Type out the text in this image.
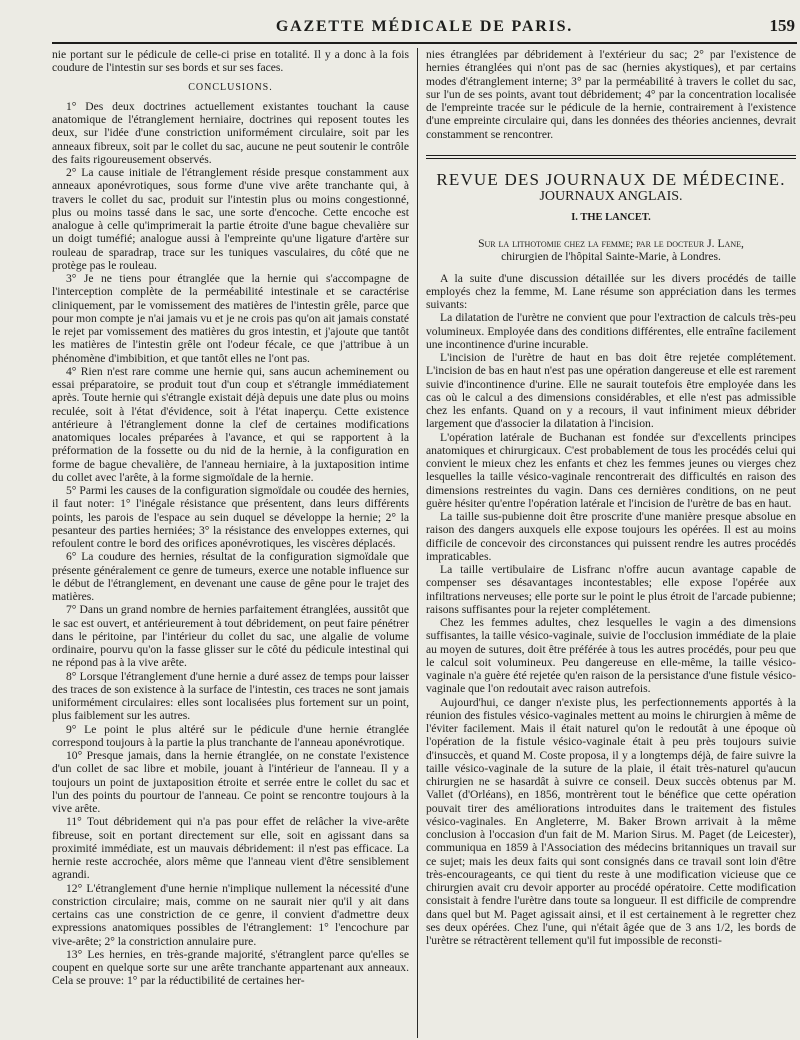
GAZETTE MÉDICALE DE PARIS.	159

nie portant sur le pédicule de celle-ci prise en totalité. Il y a donc à la fois coudure de l'intestin sur ses bords et sur ses faces.

CONCLUSIONS.

1° Des deux doctrines actuellement existantes touchant la cause anatomique de l'étranglement herniaire, doctrines qui reposent toutes les deux, sur l'idée d'une constriction uniformément circulaire, soit par les anneaux fibreux, soit par le collet du sac, aucune ne peut soutenir le contrôle des faits rigoureusement observés.

2° La cause initiale de l'étranglement réside presque constamment aux anneaux aponévrotiques, sous forme d'une vive arête tranchante qui, à travers le collet du sac, produit sur l'intestin plus ou moins congestionné, plus ou moins tassé dans le sac, une sorte d'encoche. Cette encoche est analogue à celle qu'imprimerait la partie étroite d'une bague chevalière sur un doigt tuméfié; analogue aussi à l'empreinte qu'une ligature d'artère sur rouleau de sparadrap, trace sur les tuniques vasculaires, du côté que ne protège pas le rouleau.

3° Je ne tiens pour étranglée que la hernie qui s'accompagne de l'interception complète de la perméabilité intestinale et se caractérise cliniquement, par le vomissement des matières de l'intestin grêle, parce que pour mon compte je n'ai jamais vu et je ne crois pas qu'on ait jamais constaté le rejet par vomissement des matières du gros intestin, et j'ajoute que tantôt les matières de l'intestin grêle ont l'odeur fécale, ce que j'attribue à un phénomène d'imbibition, et que tantôt elles ne l'ont pas.

4° Rien n'est rare comme une hernie qui, sans aucun acheminement ou essai préparatoire, se produit tout d'un coup et s'étrangle immédiatement après. Toute hernie qui s'étrangle existait déjà depuis une date plus ou moins reculée, soit à l'état d'évidence, soit à l'état inaperçu. Cette existence antérieure à l'étranglement donne la clef de certaines modifications anatomiques locales préparées à l'avance, et qui se rapportent à la préformation de la fossette ou du nid de la hernie, à la configuration en forme de bague chevalière, de l'anneau herniaire, à la juxtaposition intime du collet avec l'arête, à la forme sigmoïdale de la hernie.

5° Parmi les causes de la configuration sigmoïdale ou coudée des hernies, il faut noter: 1° l'inégale résistance que présentent, dans leurs différents points, les parois de l'espace au sein duquel se développe la hernie; 2° la pesanteur des parties herniées; 3° la résistance des enveloppes externes, qui refoulent contre le bord des orifices aponévrotiques, les viscères déplacés.

6° La coudure des hernies, résultat de la configuration sigmoïdale que présente généralement ce genre de tumeurs, exerce une notable influence sur le début de l'étranglement, en devenant une cause de gêne pour le trajet des matières.

7° Dans un grand nombre de hernies parfaitement étranglées, aussitôt que le sac est ouvert, et antérieurement à tout débridement, on peut faire pénétrer dans le péritoine, par l'intérieur du collet du sac, une algalie de volume ordinaire, pourvu qu'on la fasse glisser sur le côté du pédicule intestinal qui ne répond pas à la vive arête.

8° Lorsque l'étranglement d'une hernie a duré assez de temps pour laisser des traces de son existence à la surface de l'intestin, ces traces ne sont jamais uniformément circulaires: elles sont localisées plus fortement sur un point, plus faiblement sur les autres.

9° Le point le plus altéré sur le pédicule d'une hernie étranglée correspond toujours à la partie la plus tranchante de l'anneau aponévrotique.

10° Presque jamais, dans la hernie étranglée, on ne constate l'existence d'un collet de sac libre et mobile, jouant à l'intérieur de l'anneau. Il y a toujours un point de juxtaposition étroite et serrée entre le collet du sac et l'un des points du pourtour de l'anneau. Ce point se rencontre toujours à la vive arête.

11° Tout débridement qui n'a pas pour effet de relâcher la vive-arête fibreuse, soit en portant directement sur elle, soit en agissant dans sa proximité immédiate, est un mauvais débridement: il n'est pas efficace. La hernie reste accrochée, alors même que l'anneau vient d'être sensiblement agrandi.

12° L'étranglement d'une hernie n'implique nullement la nécessité d'une constriction circulaire; mais, comme on ne saurait nier qu'il y ait dans certains cas une constriction de ce genre, il convient d'admettre deux expressions anatomiques possibles de l'étranglement: 1° l'encochure par vive-arête; 2° la constriction annulaire pure.

13° Les hernies, en très-grande majorité, s'étranglent parce qu'elles se coupent en quelque sorte sur une arête tranchante appartenant aux anneaux. Cela se prouve: 1° par la réductibilité de certaines her-

nies étranglées par débridement à l'extérieur du sac; 2° par l'existence de hernies étranglées qui n'ont pas de sac (hernies akystiques), et par certains modes d'étranglement interne; 3° par la perméabilité à travers le collet du sac, sur l'un de ses points, avant tout débridement; 4° par la concentration localisée de l'empreinte tracée sur le pédicule de la hernie, contrairement à l'existence d'une empreinte circulaire qui, dans les données des théories anciennes, devrait constamment se rencontrer.

REVUE DES JOURNAUX DE MÉDECINE.
JOURNAUX ANGLAIS.
I. THE LANCET.
Sur la lithotomie chez la femme; par le docteur J. Lane,
chirurgien de l'hôpital Sainte-Marie, à Londres.

A la suite d'une discussion détaillée sur les divers procédés de taille employés chez la femme, M. Lane résume son appréciation dans les termes suivants:

La dilatation de l'urètre ne convient que pour l'extraction de calculs très-peu volumineux. Employée dans des conditions différentes, elle entraîne facilement une incontinence d'urine incurable.

L'incision de l'urètre de haut en bas doit être rejetée complétement. L'incision de bas en haut n'est pas une opération dangereuse et elle est rarement suivie d'incontinence d'urine. Elle ne saurait toutefois être employée dans les cas où le calcul a des dimensions considérables, et elle n'est pas admissible chez les enfants. Quand on y a recours, il vaut infiniment mieux débrider largement que d'associer la dilatation à l'incision.

L'opération latérale de Buchanan est fondée sur d'excellents principes anatomiques et chirurgicaux. C'est probablement de tous les procédés celui qui convient le mieux chez les enfants et chez les femmes jeunes ou vierges chez lesquelles la taille vésico-vaginale rencontrerait des difficultés en raison des dimensions restreintes du vagin. Dans ces dernières conditions, on ne peut guère hésiter qu'entre l'opération latérale et l'incision de l'urètre de bas en haut.

La taille sus-pubienne doit être proscrite d'une manière presque absolue en raison des dangers auxquels elle expose toujours les opérées. Il est au moins difficile de concevoir des circonstances qui puissent rendre les autres procédés impraticables.

La taille vertibulaire de Lisfranc n'offre aucun avantage capable de compenser ses désavantages incontestables; elle expose l'opérée aux infiltrations nerveuses; elle porte sur le point le plus étroit de l'arcade pubienne; raisons suffisantes pour la rejeter complétement.

Chez les femmes adultes, chez lesquelles le vagin a des dimensions suffisantes, la taille vésico-vaginale, suivie de l'occlusion immédiate de la plaie au moyen de sutures, doit être préférée à tous les autres procédés, pour peu que le calcul soit volumineux. Peu dangereuse en elle-même, la taille vésico-vaginale n'a guère été rejetée qu'en raison de la persistance d'une fistule vésico-vaginale que l'on redoutait avec raison autrefois.

Aujourd'hui, ce danger n'existe plus, les perfectionnements apportés à la réunion des fistules vésico-vaginales mettent au moins le chirurgien à même de l'éviter facilement. Mais il était naturel qu'on le redoutât à une époque où l'opération de la fistule vésico-vaginale était à peu près toujours suivie d'insuccès, et quand M. Coste proposa, il y a longtemps déjà, de faire suivre la taille vésico-vaginale de la suture de la plaie, il était très-naturel qu'aucun chirurgien ne se hasardât à suivre ce conseil. Deux succès obtenus par M. Vallet (d'Orléans), en 1856, montrèrent tout le bénéfice que cette opération pouvait tirer des améliorations introduites dans le traitement des fistules vésico-vaginales. En Angleterre, M. Baker Brown arrivait à la même conclusion à l'occasion d'un fait de M. Marion Sirus. M. Paget (de Leicester), communiqua en 1859 à l'Association des médecins britanniques un travail sur ce sujet; mais les deux faits qui sont consignés dans ce travail sont loin d'être très-encourageants, ce qui tient du reste à une modification vicieuse que ce chirurgien avait cru devoir apporter au procédé opératoire. Cette modification consistait à fendre l'urètre dans toute sa longueur. Il est difficile de comprendre dans quel but M. Paget agissait ainsi, et il est certainement à le regretter chez ses deux opérées. Chez l'une, qui n'était âgée que de 3 ans 1/2, les bords de l'urètre se rétractèrent tellement qu'il fut impossible de reconsti-
